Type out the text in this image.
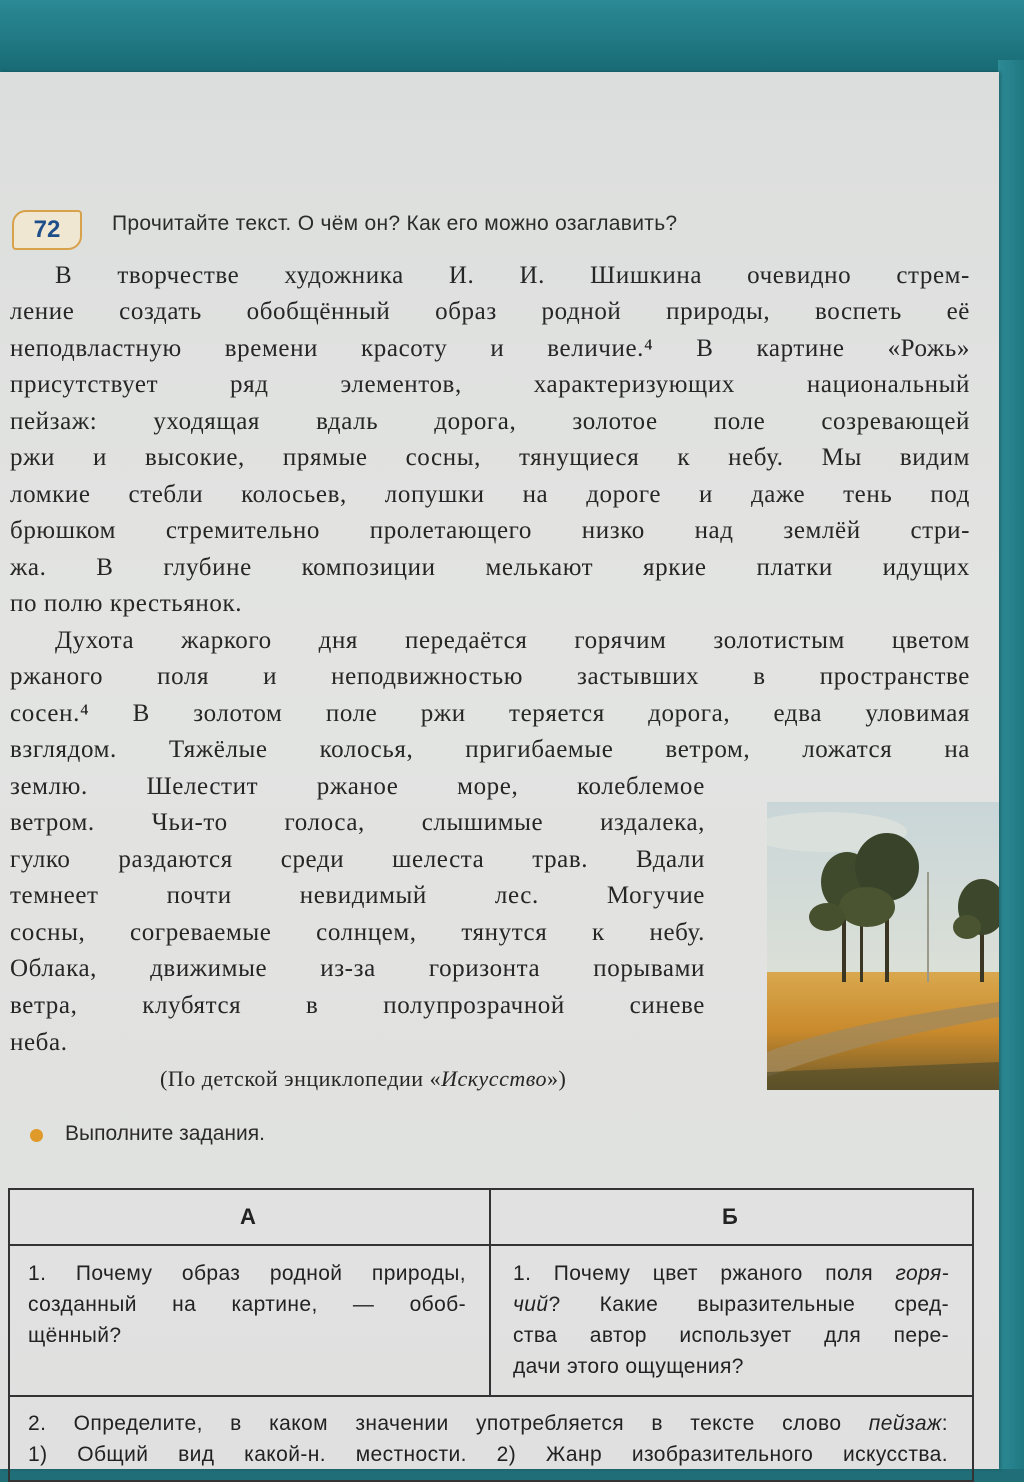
72	Прочитайте текст. О чём он? Как его можно озаглавить?
В творчестве художника И. И. Шишкина очевидно стрем-
ление создать обобщённый образ родной природы, воспеть её
неподвластную времени красоту и величие.⁴ В картине «Рожь»
присутствует ряд элементов, характеризующих национальный
пейзаж: уходящая вдаль дорога, золотое поле созревающей
ржи и высокие, прямые сосны, тянущиеся к небу. Мы видим
ломкие стебли колосьев, лопушки на дороге и даже тень под
брюшком стремительно пролетающего низко над землёй стри-
жа. В глубине композиции мелькают яркие платки идущих
по полю крестьянок.
Духота жаркого дня передаётся горячим золотистым цветом
ржаного поля и неподвижностью застывших в пространстве
сосен.⁴ В золотом поле ржи теряется дорога, едва уловимая
взглядом. Тяжёлые колосья, пригибаемые ветром, ложатся на
землю. Шелестит ржаное море, колеблемое
ветром. Чьи-то голоса, слышимые издалека,
гулко раздаются среди шелеста трав. Вдали
темнеет почти невидимый лес. Могучие
сосны, согреваемые солнцем, тянутся к небу.
Облака, движимые из-за горизонта порывами
ветра, клубятся в полупрозрачной синеве
неба.
(По детской энциклопедии «Искусство»)
Выполните задания.
А	Б
1. Почему образ родной природы,
созданный на картине, — обоб-
щённый?
1. Почему цвет ржаного поля горя-
чий? Какие выразительные сред-
ства автор использует для пере-
дачи этого ощущения?
2. Определите, в каком значении употребляется в тексте слово пейзаж:
1) Общий вид какой-н. местности. 2) Жанр изобразительного искусства.
